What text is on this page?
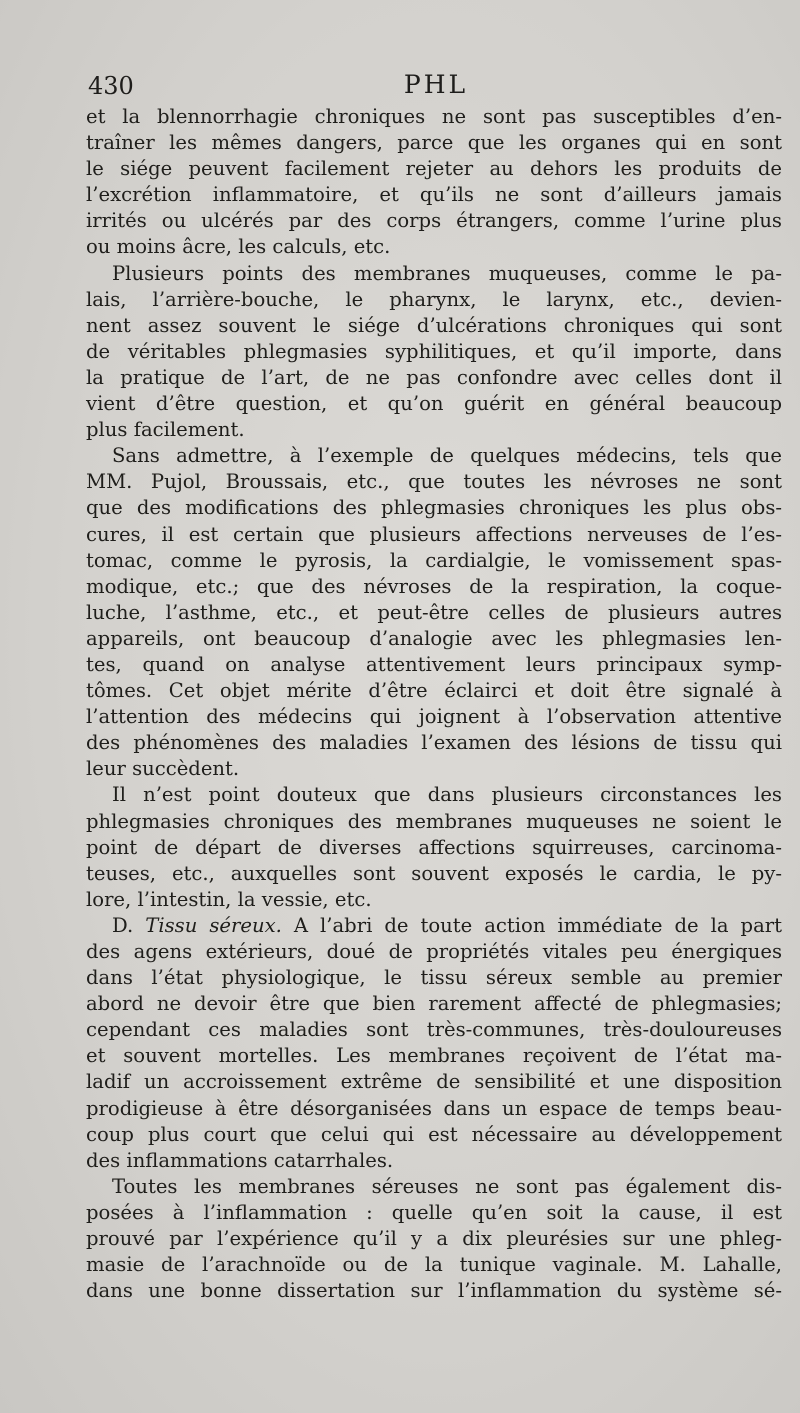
430	PHL
et la blennorrhagie chroniques ne sont pas susceptibles d’en-
traîner les mêmes dangers, parce que les organes qui en sont
le siége peuvent facilement rejeter au dehors les produits de
l’excrétion inflammatoire, et qu’ils ne sont d’ailleurs jamais
irrités ou ulcérés par des corps étrangers, comme l’urine plus
ou moins âcre, les calculs, etc.
Plusieurs points des membranes muqueuses, comme le pa-
lais, l’arrière-bouche, le pharynx, le larynx, etc., devien-
nent assez souvent le siége d’ulcérations chroniques qui sont
de véritables phlegmasies syphilitiques, et qu’il importe, dans
la pratique de l’art, de ne pas confondre avec celles dont il
vient d’être question, et qu’on guérit en général beaucoup
plus facilement.
Sans admettre, à l’exemple de quelques médecins, tels que
MM. Pujol, Broussais, etc., que toutes les névroses ne sont
que des modifications des phlegmasies chroniques les plus obs-
cures, il est certain que plusieurs affections nerveuses de l’es-
tomac, comme le pyrosis, la cardialgie, le vomissement spas-
modique, etc.; que des névroses de la respiration, la coque-
luche, l’asthme, etc., et peut-être celles de plusieurs autres
appareils, ont beaucoup d’analogie avec les phlegmasies len-
tes, quand on analyse attentivement leurs principaux symp-
tômes. Cet objet mérite d’être éclairci et doit être signalé à
l’attention des médecins qui joignent à l’observation attentive
des phénomènes des maladies l’examen des lésions de tissu qui
leur succèdent.
Il n’est point douteux que dans plusieurs circonstances les
phlegmasies chroniques des membranes muqueuses ne soient le
point de départ de diverses affections squirreuses, carcinoma-
teuses, etc., auxquelles sont souvent exposés le cardia, le py-
lore, l’intestin, la vessie, etc.
D. Tissu séreux. A l’abri de toute action immédiate de la part
des agens extérieurs, doué de propriétés vitales peu énergiques
dans l’état physiologique, le tissu séreux semble au premier
abord ne devoir être que bien rarement affecté de phlegmasies;
cependant ces maladies sont très-communes, très-douloureuses
et souvent mortelles. Les membranes reçoivent de l’état ma-
ladif un accroissement extrême de sensibilité et une disposition
prodigieuse à être désorganisées dans un espace de temps beau-
coup plus court que celui qui est nécessaire au développement
des inflammations catarrhales.
Toutes les membranes séreuses ne sont pas également dis-
posées à l’inflammation : quelle qu’en soit la cause, il est
prouvé par l’expérience qu’il y a dix pleurésies sur une phleg-
masie de l’arachnoïde ou de la tunique vaginale. M. Lahalle,
dans une bonne dissertation sur l’inflammation du système sé-
